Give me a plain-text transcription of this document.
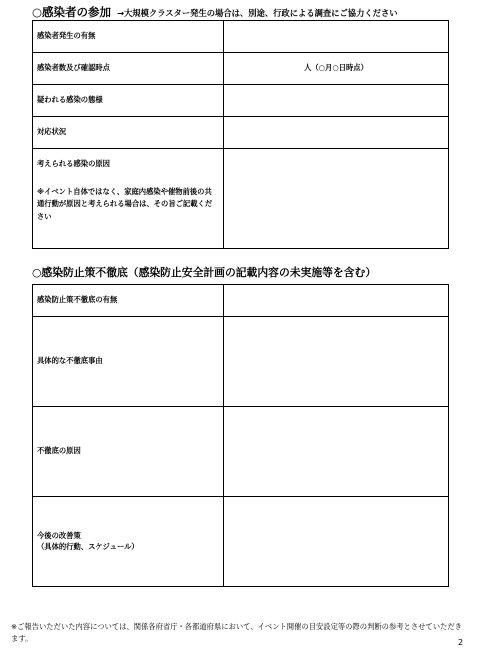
○感染者の参加 →大規模クラスター発生の場合は、別途、行政による調査にご協力ください
感染者発生の有無	
感染者数及び確認時点	人（○月○日時点）
疑われる感染の態様	
対応状況	
考えられる感染の原因
※イベント自体ではなく、家庭内感染や催物前後の共通行動が原因と考えられる場合は、その旨ご記載ください	

○感染防止策不徹底（感染防止安全計画の記載内容の未実施等を含む）
感染防止策不徹底の有無	
具体的な不徹底事由	
不徹底の原因	
今後の改善策
（具体的行動、スケジュール）	
※ご報告いただいた内容については、関係各府省庁・各都道府県において、イベント開催の目安設定等の際の判断の参考とさせていただきます。	2
